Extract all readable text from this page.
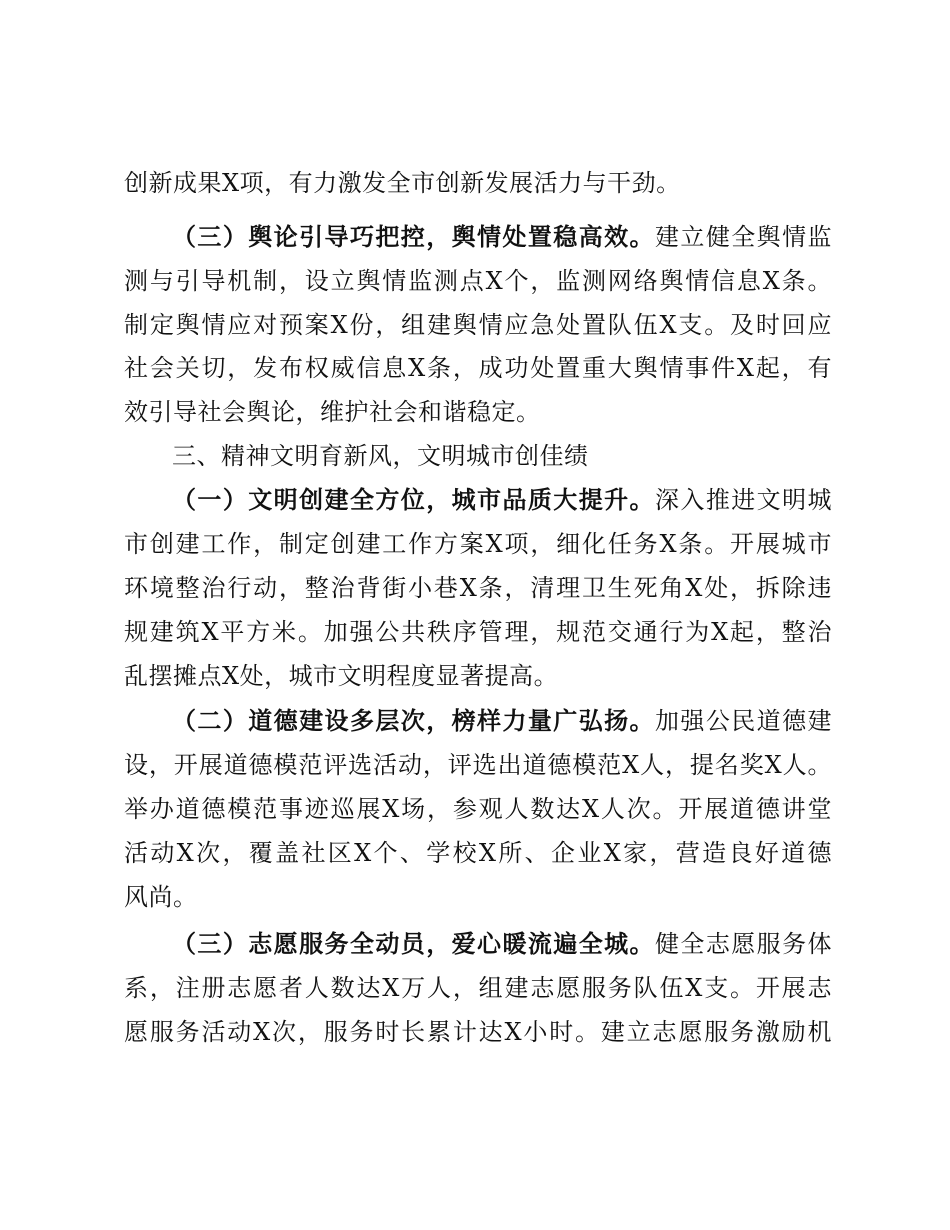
创新成果X项，有力激发全市创新发展活力与干劲。
（三）舆论引导巧把控，舆情处置稳高效。建立健全舆情监
测与引导机制，设立舆情监测点X个，监测网络舆情信息X条。
制定舆情应对预案X份，组建舆情应急处置队伍X支。及时回应
社会关切，发布权威信息X条，成功处置重大舆情事件X起，有
效引导社会舆论，维护社会和谐稳定。
三、精神文明育新风，文明城市创佳绩
（一）文明创建全方位，城市品质大提升。深入推进文明城
市创建工作，制定创建工作方案X项，细化任务X条。开展城市
环境整治行动，整治背街小巷X条，清理卫生死角X处，拆除违
规建筑X平方米。加强公共秩序管理，规范交通行为X起，整治
乱摆摊点X处，城市文明程度显著提高。
（二）道德建设多层次，榜样力量广弘扬。加强公民道德建
设，开展道德模范评选活动，评选出道德模范X人，提名奖X人。
举办道德模范事迹巡展X场，参观人数达X人次。开展道德讲堂
活动X次，覆盖社区X个、学校X所、企业X家，营造良好道德
风尚。
（三）志愿服务全动员，爱心暖流遍全城。健全志愿服务体
系，注册志愿者人数达X万人，组建志愿服务队伍X支。开展志
愿服务活动X次，服务时长累计达X小时。建立志愿服务激励机
